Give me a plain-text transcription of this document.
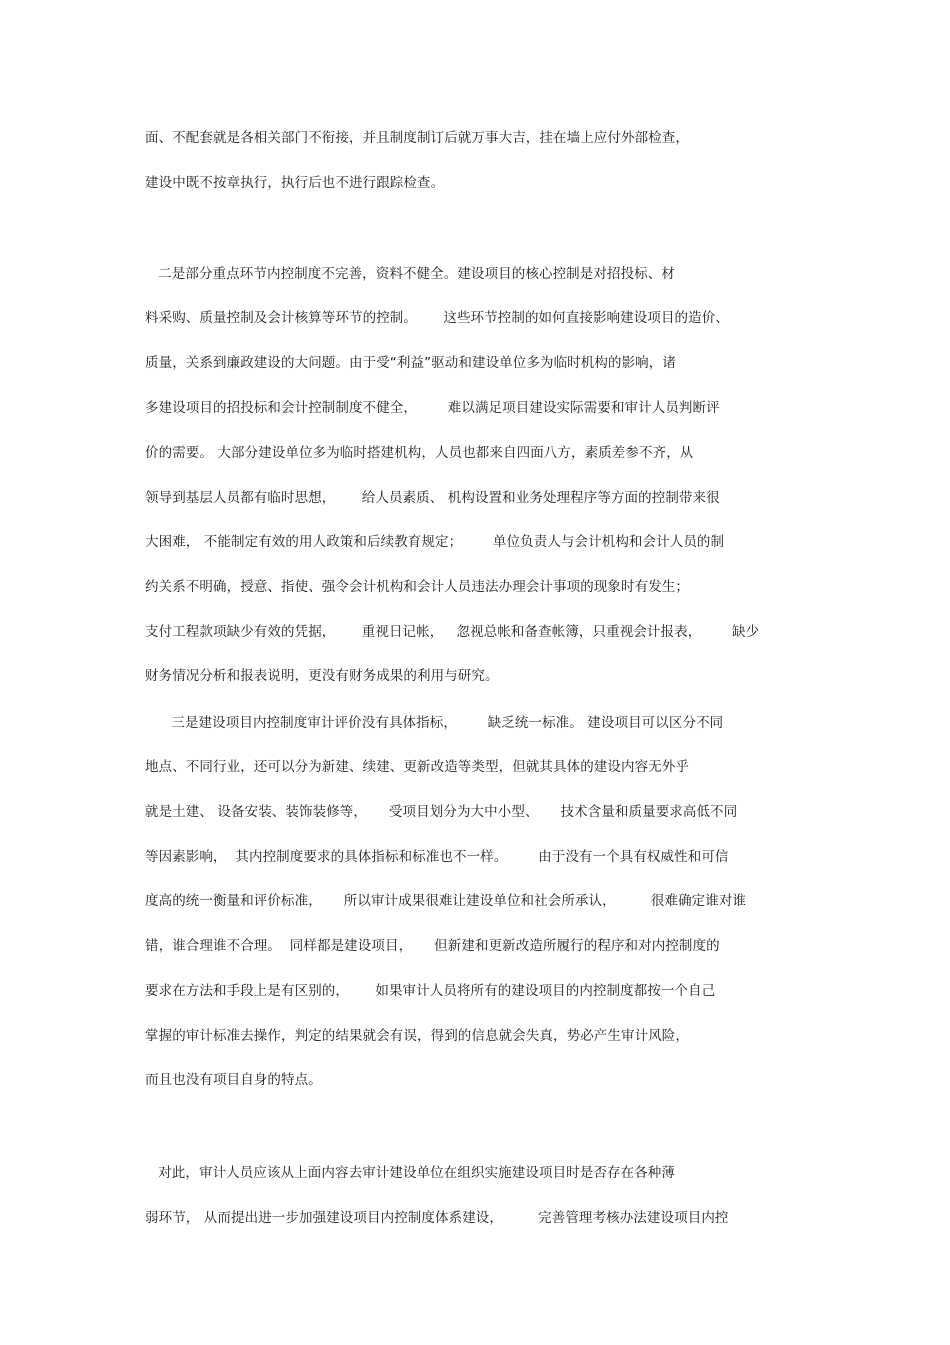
面、不配套就是各相关部门不衔接，并且制度制订后就万事大吉，挂在墙上应付外部检查，
建设中既不按章执行，执行后也不进行跟踪检查。
二是部分重点环节内控制度不完善，资料不健全。建设项目的核心控制是对招投标、材
料采购、质量控制及会计核算等环节的控制。      这些环节控制的如何直接影响建设项目的造价、
质量，关系到廉政建设的大问题。由于受“利益”驱动和建设单位多为临时机构的影响，诸
多建设项目的招投标和会计控制制度不健全，       难以满足项目建设实际需要和审计人员判断评
价的需要。 大部分建设单位多为临时搭建机构，人员也都来自四面八方，素质差参不齐，从
领导到基层人员都有临时思想，      给人员素质、 机构设置和业务处理程序等方面的控制带来很
大困难， 不能制定有效的用人政策和后续教育规定；       单位负责人与会计机构和会计人员的制
约关系不明确，授意、指使、强令会计机构和会计人员违法办理会计事项的现象时有发生；
支付工程款项缺少有效的凭据，      重视日记帐，   忽视总帐和备查帐簿，只重视会计报表，       缺少
财务情况分析和报表说明，更没有财务成果的利用与研究。
三是建设项目内控制度审计评价没有具体指标，       缺乏统一标准。 建设项目可以区分不同
地点、不同行业，还可以分为新建、续建、更新改造等类型，但就其具体的建设内容无外乎
就是土建、 设备安装、装饰装修等，     受项目划分为大中小型、     技术含量和质量要求高低不同
等因素影响，  其内控制度要求的具体指标和标准也不一样。       由于没有一个具有权威性和可信
度高的统一衡量和评价标准，     所以审计成果很难让建设单位和社会所承认，        很难确定谁对谁
错，谁合理谁不合理。  同样都是建设项目，     但新建和更新改造所履行的程序和对内控制度的
要求在方法和手段上是有区别的，      如果审计人员将所有的建设项目的内控制度都按一个自己
掌握的审计标准去操作，判定的结果就会有误，得到的信息就会失真，势必产生审计风险，
而且也没有项目自身的特点。
对此，审计人员应该从上面内容去审计建设单位在组织实施建设项目时是否存在各种薄
弱环节， 从而提出进一步加强建设项目内控制度体系建设，        完善管理考核办法建设项目内控
